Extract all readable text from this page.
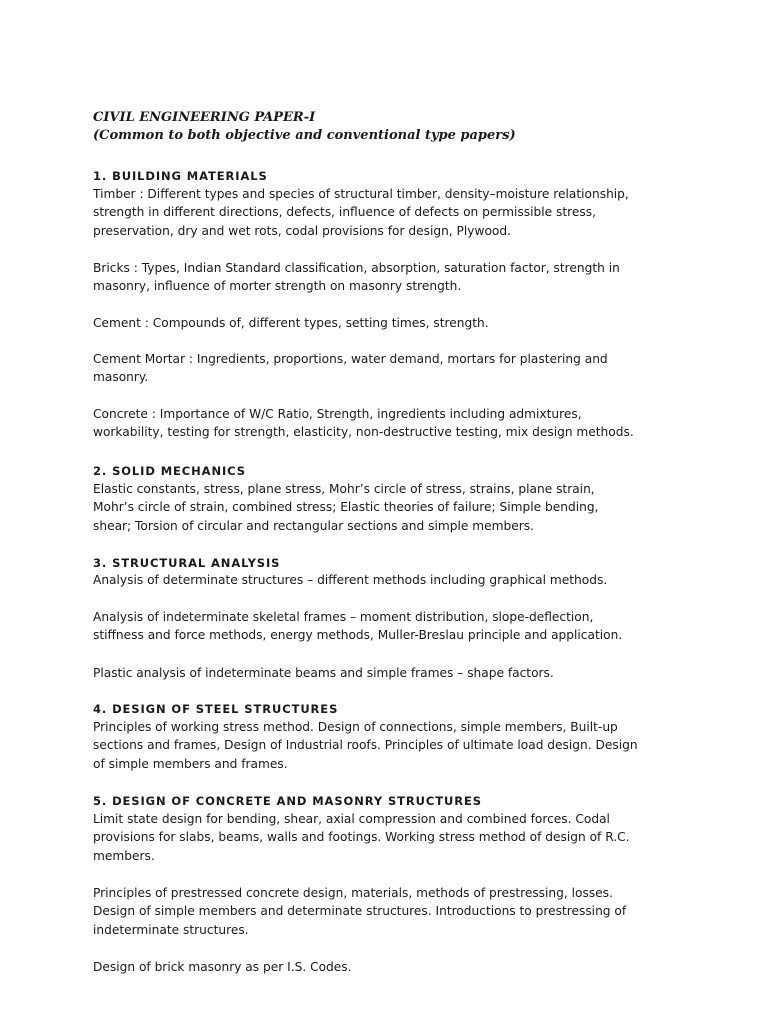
CIVIL ENGINEERING PAPER-I
(Common to both objective and conventional type papers)
1. BUILDING MATERIALS
Timber : Different types and species of structural timber, density–moisture relationship,
strength in different directions, defects, influence of defects on permissible stress,
preservation, dry and wet rots, codal provisions for design, Plywood.
Bricks : Types, Indian Standard classification, absorption, saturation factor, strength in
masonry, influence of morter strength on masonry strength.
Cement : Compounds of, different types, setting times, strength.
Cement Mortar : Ingredients, proportions, water demand, mortars for plastering and
masonry.
Concrete : Importance of W/C Ratio, Strength, ingredients including admixtures,
workability, testing for strength, elasticity, non-destructive testing, mix design methods.
2. SOLID MECHANICS
Elastic constants, stress, plane stress, Mohr’s circle of stress, strains, plane strain,
Mohr’s circle of strain, combined stress; Elastic theories of failure; Simple bending,
shear; Torsion of circular and rectangular sections and simple members.
3. STRUCTURAL ANALYSIS
Analysis of determinate structures – different methods including graphical methods.
Analysis of indeterminate skeletal frames – moment distribution, slope-deflection,
stiffness and force methods, energy methods, Muller-Breslau principle and application.
Plastic analysis of indeterminate beams and simple frames – shape factors.
4. DESIGN OF STEEL STRUCTURES
Principles of working stress method. Design of connections, simple members, Built-up
sections and frames, Design of Industrial roofs. Principles of ultimate load design. Design
of simple members and frames.
5. DESIGN OF CONCRETE AND MASONRY STRUCTURES
Limit state design for bending, shear, axial compression and combined forces. Codal
provisions for slabs, beams, walls and footings. Working stress method of design of R.C.
members.
Principles of prestressed concrete design, materials, methods of prestressing, losses.
Design of simple members and determinate structures. Introductions to prestressing of
indeterminate structures.
Design of brick masonry as per I.S. Codes.
